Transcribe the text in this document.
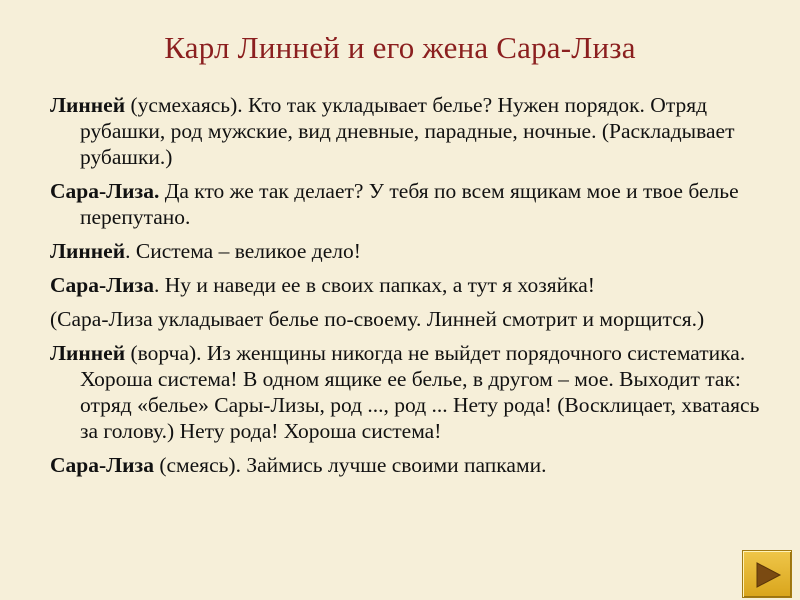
Карл Линней и его жена Сара-Лиза

Линней (усмехаясь). Кто так укладывает белье? Нужен порядок. Отряд рубашки, род мужские, вид дневные, парадные, ночные. (Раскладывает рубашки.)

Сара-Лиза. Да кто же так делает? У тебя по всем ящикам мое и твое белье перепутано.

Линней. Система – великое дело!

Сара-Лиза. Ну и наведи ее в своих папках, а тут я хозяйка!

(Сара-Лиза укладывает белье по-своему. Линней смотрит и морщится.)

Линней (ворча). Из женщины никогда не выйдет порядочного систематика. Хороша система! В одном ящике ее белье, в другом – мое. Выходит так: отряд «белье» Сары-Лизы, род ..., род ... Нету рода! (Восклицает, хватаясь за голову.) Нету рода! Хороша система!

Сара-Лиза (смеясь). Займись лучше своими папками.
